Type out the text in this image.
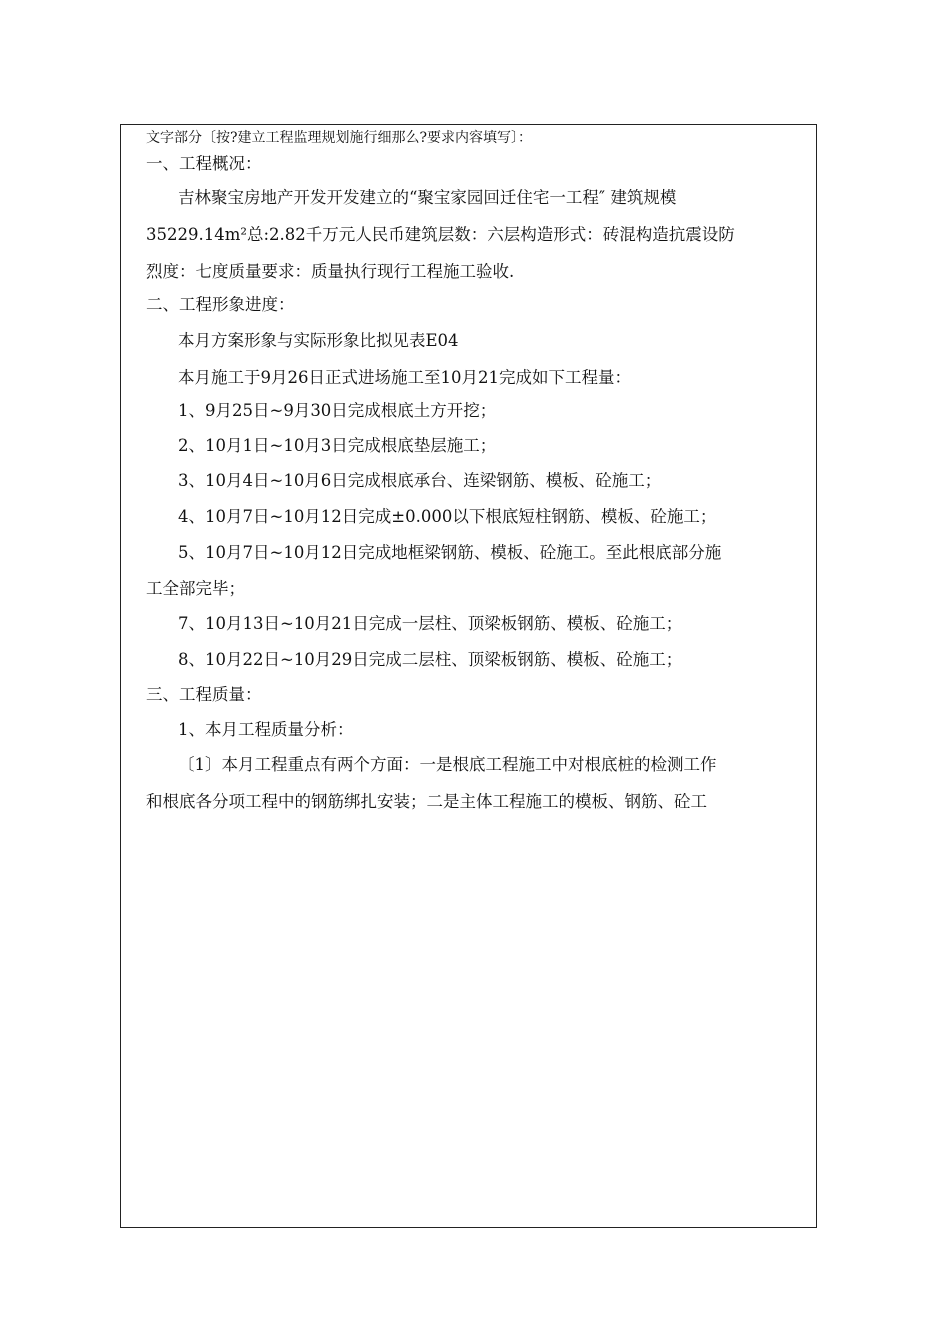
文字部分〔按?建立工程监理规划施行细那么?要求内容填写〕：
一、工程概况：
吉林聚宝房地产开发开发建立的“聚宝家园回迁住宅一工程″ 建筑规模
35229.14m²总:2.82千万元人民币建筑层数：六层构造形式：砖混构造抗震设防
烈度：七度质量要求：质量执行现行工程施工验收.
二、工程形象进度：
本月方案形象与实际形象比拟见表E04
本月施工于9月26日正式进场施工至10月21完成如下工程量：
1、9月25日~9月30日完成根底土方开挖；
2、10月1日~10月3日完成根底垫层施工；
3、10月4日~10月6日完成根底承台、连梁钢筋、模板、砼施工；
4、10月7日~10月12日完成±0.000以下根底短柱钢筋、模板、砼施工；
5、10月7日~10月12日完成地框梁钢筋、模板、砼施工。至此根底部分施
工全部完毕；
7、10月13日~10月21日完成一层柱、顶梁板钢筋、模板、砼施工；
8、10月22日~10月29日完成二层柱、顶梁板钢筋、模板、砼施工；
三、工程质量：
1、本月工程质量分析：
〔1〕本月工程重点有两个方面：一是根底工程施工中对根底桩的检测工作
和根底各分项工程中的钢筋绑扎安装；二是主体工程施工的模板、钢筋、砼工
